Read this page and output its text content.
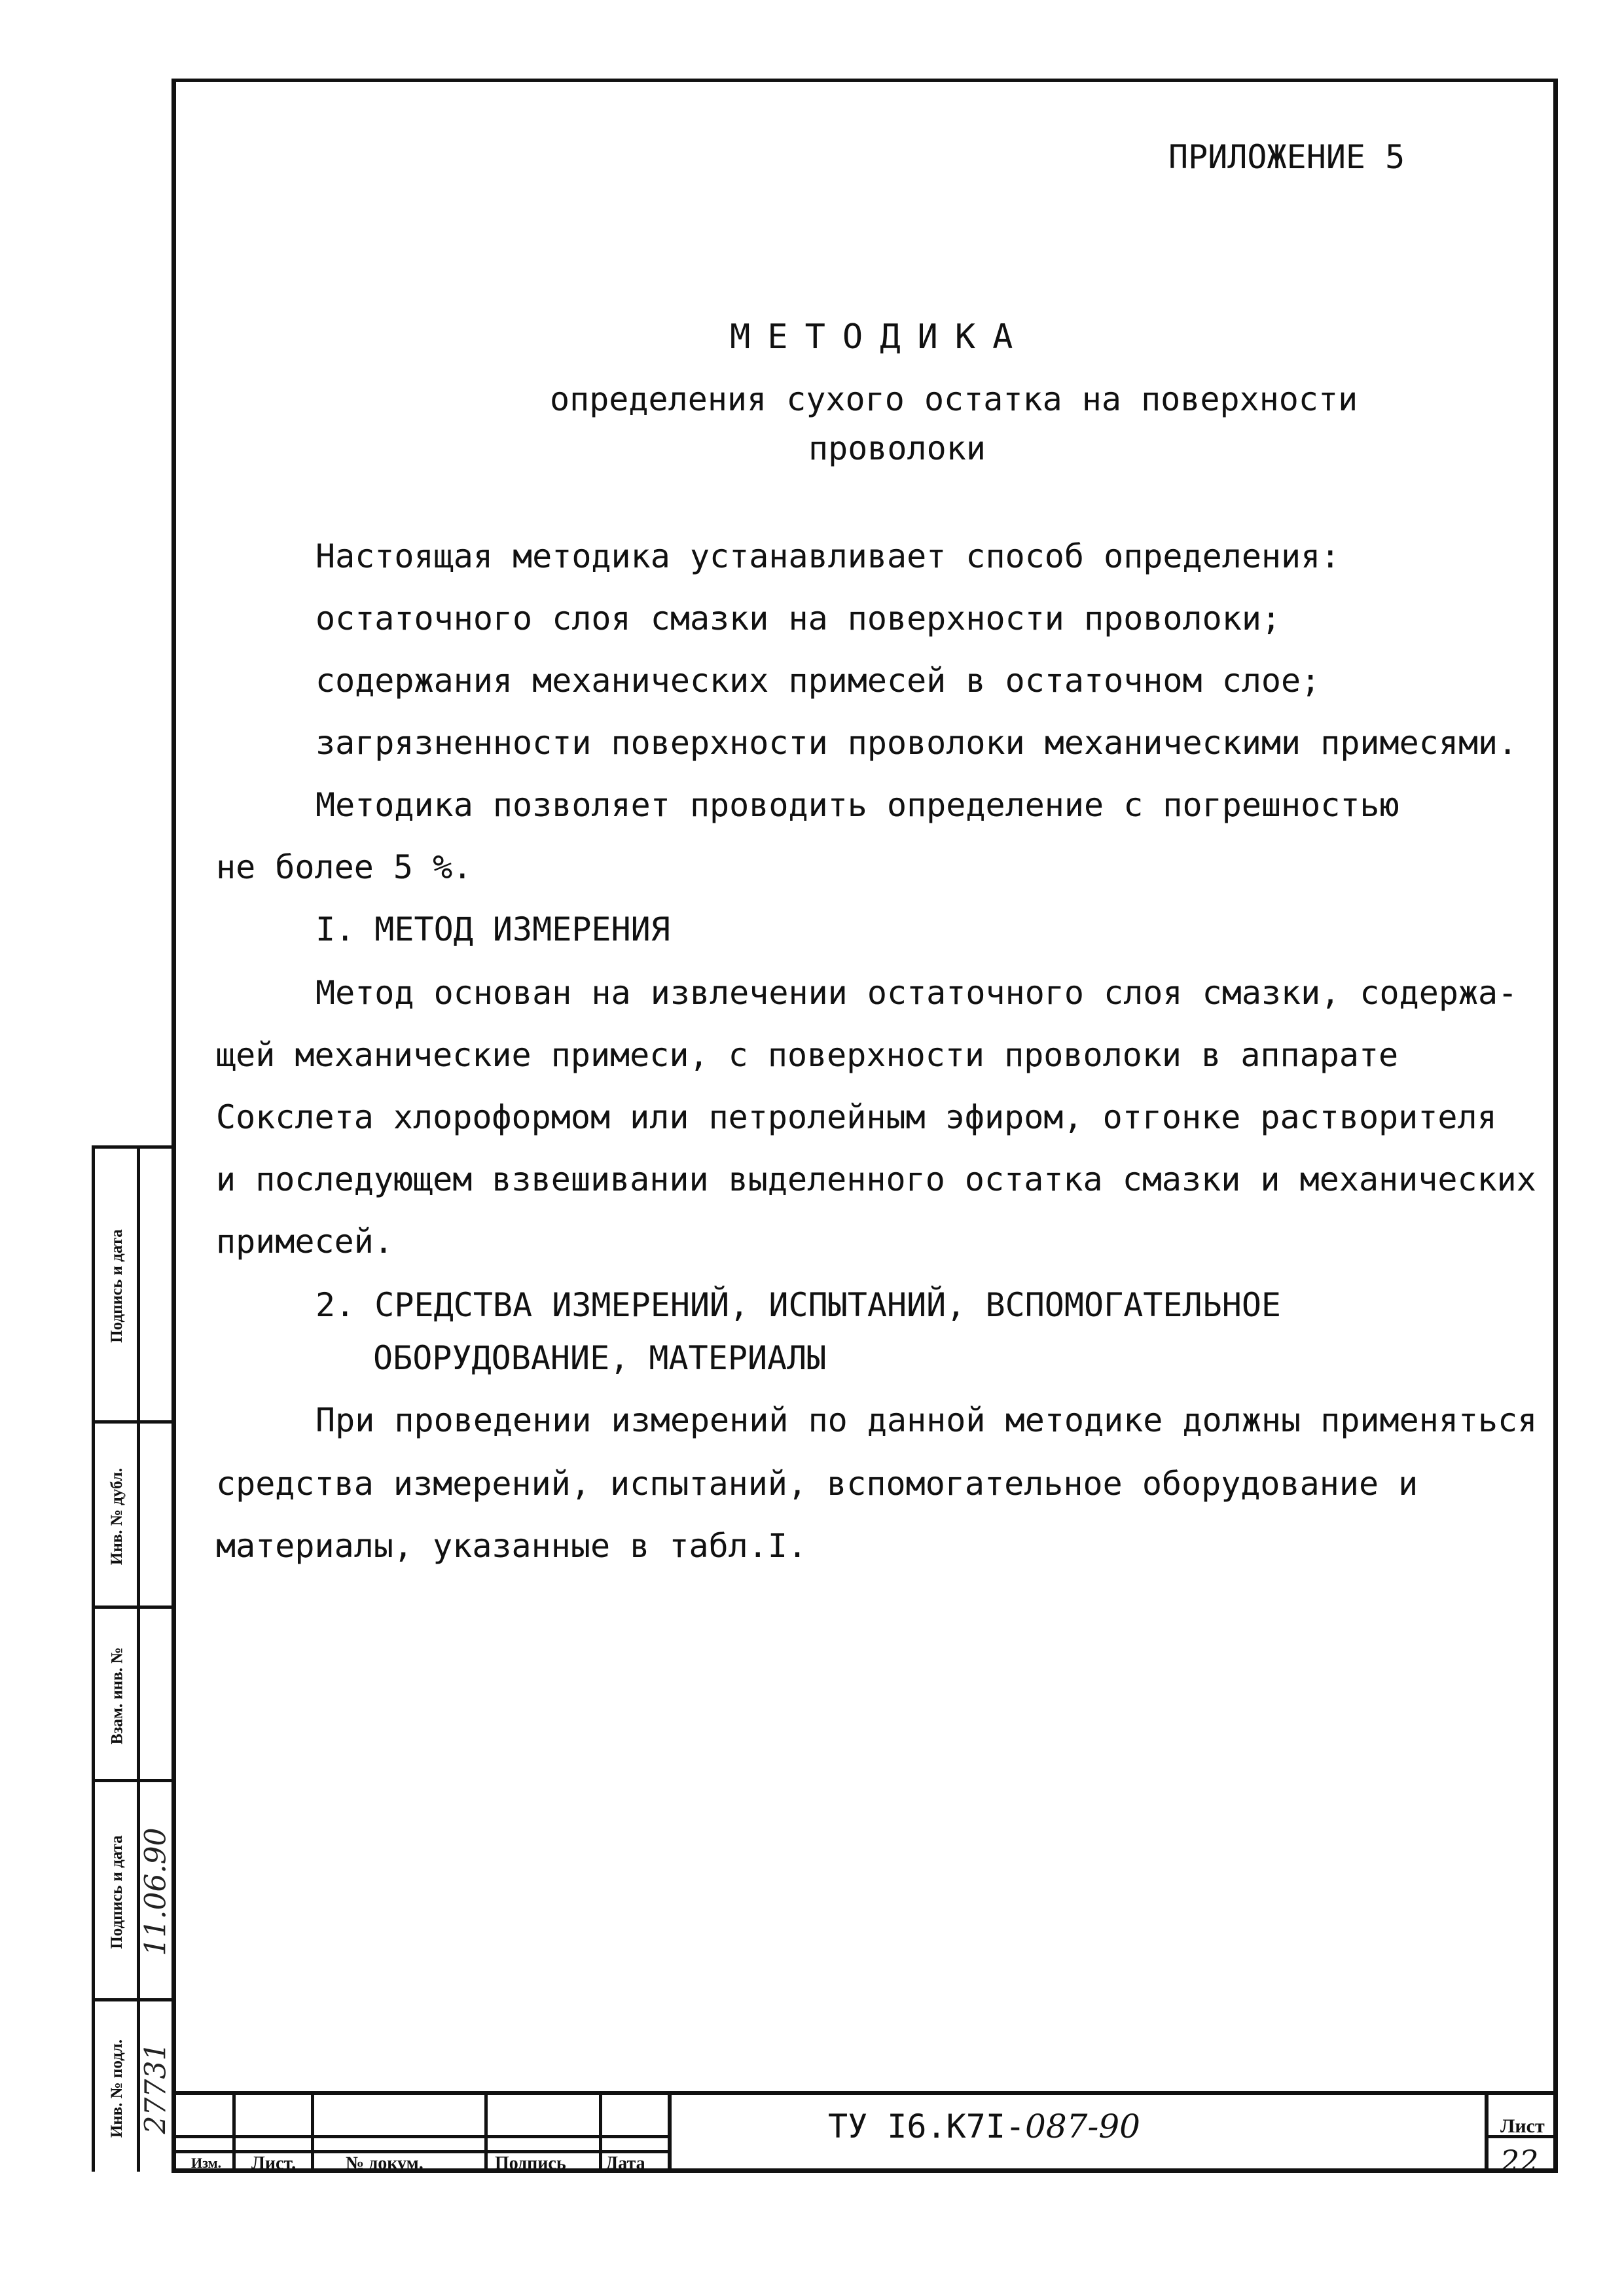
ПРИЛОЖЕНИЕ 5
МЕТОДИКА
определения сухого остатка на поверхности
проволоки
Настоящая методика устанавливает способ определения:
остаточного слоя смазки на поверхности проволоки;
содержания механических примесей в остаточном слое;
загрязненности поверхности проволоки механическими примесями.
Методика позволяет проводить определение с погрешностью
не более 5 %.
I. МЕТОД ИЗМЕРЕНИЯ
Метод основан на извлечении остаточного слоя смазки, содержа-
щей механические примеси, с поверхности проволоки в аппарате
Сокслета хлороформом или петролейным эфиром, отгонке растворителя
и последующем взвешивании выделенного остатка смазки и механических
примесей.
2. СРЕДСТВА ИЗМЕРЕНИЙ, ИСПЫТАНИЙ, ВСПОМОГАТЕЛЬНОЕ
ОБОРУДОВАНИЕ, МАТЕРИАЛЫ
При проведении измерений по данной методике должны применяться
средства измерений, испытаний, вспомогательное оборудование и
материалы, указанные в табл.I.
Подпись и дата
Инв. № дубл.
Взам. инв. №
Подпись и дата 11.06.90
Инв. № подл. 27731
Изм. Лист.	№ докум.	Подпись Дата
ТУ I6.К7I-087-90	Лист
22
